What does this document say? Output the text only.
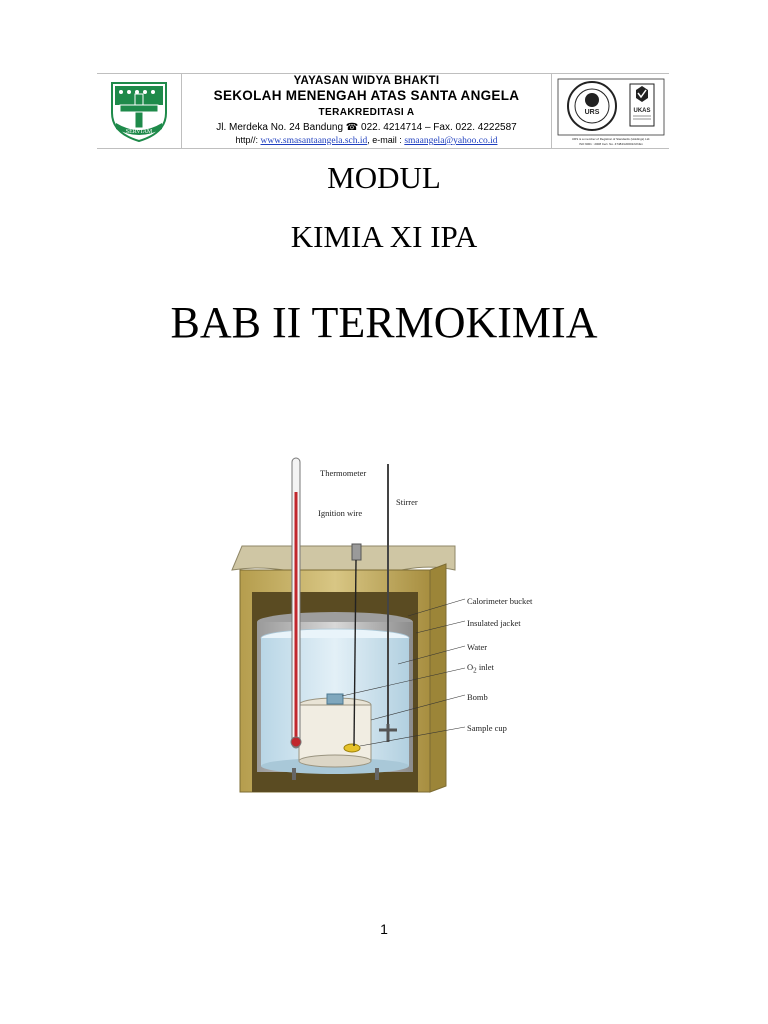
SERVIAM
YAYASAN WIDYA BHAKTI
SEKOLAH MENENGAH ATAS SANTA ANGELA
TERAKREDITASI A
Jl. Merdeka No. 24 Bandung ☎ 022. 4214714 – Fax. 022. 4222587
http//: www.smasantaangela.sch.id, e-mail : smaangela@yahoo.co.id
URS	UKAS
URS is a member of Registrar of Standards (Holdings) Ltd.
ISO 9001 : 2008 Cert. No. 47484/A/0001/UK/En
MODUL
KIMIA XI IPA
BAB II TERMOKIMIA
Thermometer
Ignition wire
Stirrer
Calorimeter bucket
Insulated jacket
Water
$O_2$ inlet
Bomb
Sample cup
1
